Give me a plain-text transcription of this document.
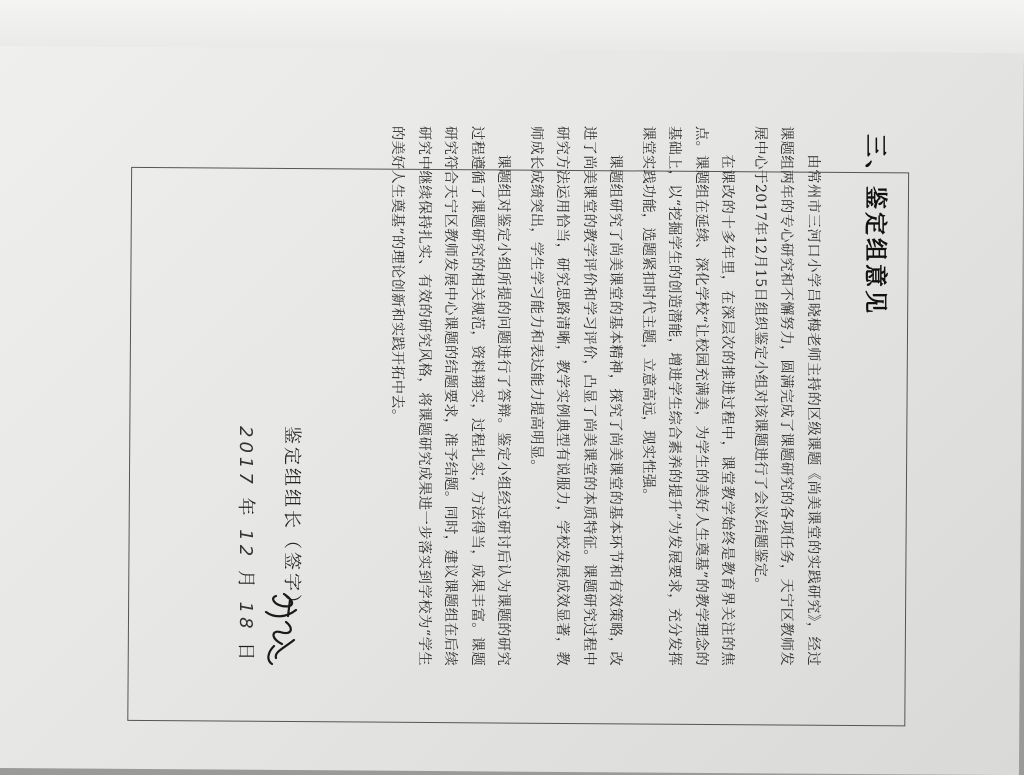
三、鉴定组意见

由常州市三河口小学吕晓梅老师主持的区级课题《尚美课堂的实践研究》，经过课题组两年的专心研究和不懈努力，圆满完成了课题研究的各项任务，天宁区教师发展中心于2017年12月15日组织鉴定小组对该课题进行了会议结题鉴定。

在课改的十多年里，在深层次的推进过程中，课堂教学始终是教育界关注的焦点。课题组在延续、深化学校“让校园充满美，为学生的美好人生奠基”的教学理念的基础上，以“挖掘学生的创造潜能，增进学生综合素养的提升”为发展要求，充分发挥课堂实践功能，选题紧扣时代主题，立意高远，现实性强。

课题组研究了尚美课堂的基本精神，探究了尚美课堂的基本环节和有效策略，改进了尚美课堂的教学评价和学习评价，凸显了尚美课堂的本质特征。课题研究过程中研究方法运用恰当，研究思路清晰，教学实例典型有说服力，学校发展成效显著，教师成长成绩突出，学生学习能力和表达能力提高明显。

课题组对鉴定小组所提的问题进行了答辩。鉴定小组经过研讨后认为课题的研究过程遵循了课题研究的相关规范，资料翔实，过程扎实，方法得当，成果丰富。课题研究符合天宁区教师发展中心课题的结题要求，准予结题。同时，建议课题组在后续研究中继续保持扎实、有效的研究风格，将课题研究成果进一步落实到学校为“学生的美好人生奠基”的理论创新和实践开拓中去。

鉴定组组长（签字）
2017 年 12 月 18 日
